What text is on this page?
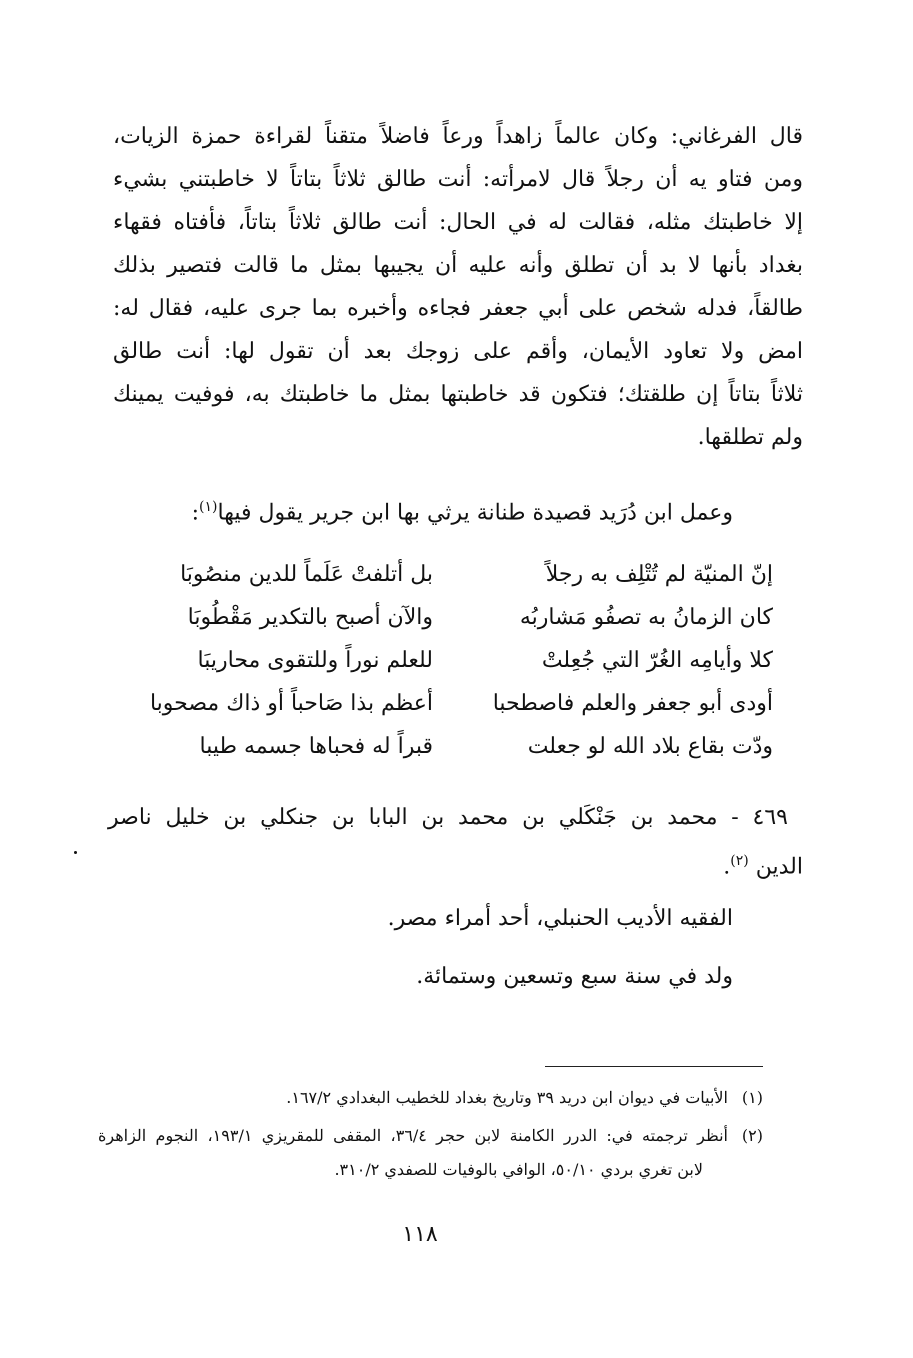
قال الفرغاني: وكان عالماً زاهداً ورعاً فاضلاً متقناً لقراءة حمزة الزيات،
ومن فتاو يه أن رجلاً قال لامرأته: أنت طالق ثلاثاً بتاتاً لا خاطبتني بشيء
إلا خاطبتك مثله، فقالت له في الحال: أنت طالق ثلاثاً بتاتاً، فأفتاه فقهاء
بغداد بأنها لا بد أن تطلق وأنه عليه أن يجيبها بمثل ما قالت فتصير بذلك
طالقاً، فدله شخص على أبي جعفر فجاءه وأخبره بما جرى عليه، فقال له:
امض ولا تعاود الأيمان، وأقم على زوجك بعد أن تقول لها: أنت طالق
ثلاثاً بتاتاً إن طلقتك؛ فتكون قد خاطبتها بمثل ما خاطبتك به، فوفيت يمينك
ولم تطلقها.
وعمل ابن دُرَيد قصيدة طنانة يرثي بها ابن جرير يقول فيها$^{(١)}$:
إنّ المنيّة لم تُتْلِف به رجلاً
بل أتلفتْ عَلَماً للدين منصُوبَا
كان الزمانُ به تصفُو مَشاربُه
والآن أصبح بالتكدير مَقْطُوبَا
كلا وأيامِه الغُرّ التي جُعِلتْ
للعلم نوراً وللتقوى محاريبَا
أودى أبو جعفر والعلم فاصطحبا
أعظم بذا صَاحباً أو ذاك مصحوبا
ودّت بقاع بلاد الله لو جعلت
قبراً له فحباها جسمه طيبا
٤٦٩ - محمد بن جَنْكَلي بن محمد بن البابا بن جنكلي بن خليل ناصر
الدين $^{(٢)}$.
الفقيه الأديب الحنبلي، أحد أمراء مصر.
ولد في سنة سبع وتسعين وستمائة.
(١)
الأبيات في ديوان ابن دريد ٣٩ وتاريخ بغداد للخطيب البغدادي ١٦٧/٢.
(٢)
أنظر ترجمته في: الدرر الكامنة لابن حجر ٣٦/٤، المقفى للمقريزي ١٩٣/١، النجوم الزاهرة
لابن تغري بردي ٥٠/١٠، الوافي بالوفيات للصفدي ٣١٠/٢.
١١٨
